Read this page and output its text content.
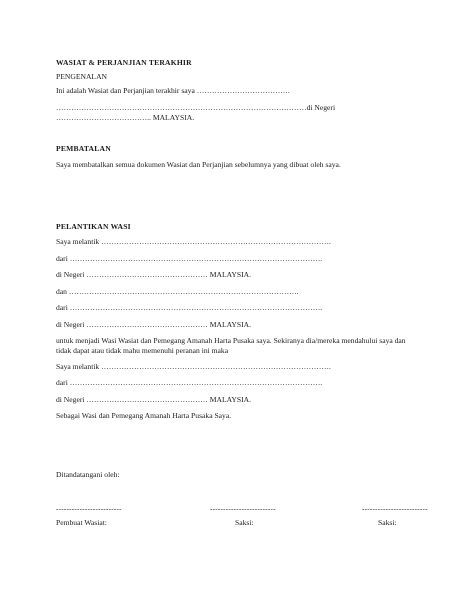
WASIAT & PERJANJIAN TERAKHIR
PENGENALAN
Ini adalah Wasiat dan Perjanjian terakhir saya ……………………………….
………………………………………………………………………………………di Negeri
……………………………….. MALAYSIA.
PEMBATALAN
Saya membatalkan semua dokumen Wasiat dan Perjanjian sebelumnya yang dibuat oleh saya.
PELANTIKAN WASI
Saya melantik ……………………………………………………………………………….
dari ……………………………………………………………………………………….
di Negeri ………………………………………… MALAYSIA.
dan ……………………………………………………………………………….
dari ……………………………………………………………………………………….
di Negeri ………………………………………… MALAYSIA.
untuk menjadi Wasi Wasiat dan Pemegang Amanah Harta Pusaka saya. Sekiranya dia/mereka mendahului saya dan
tidak dapat atau tidak mahu memenuhi peranan ini maka
Saya melantik ……………………………………………………………………………….
dari ……………………………………………………………………………………….
di Negeri ………………………………………… MALAYSIA.
Sebagai Wasi dan Pemegang Amanah Harta Pusaka Saya.
Ditandatangani oleh:
-------------------------	-------------------------	-------------------------
Pembuat Wasiat:	Saksi:	Saksi:
